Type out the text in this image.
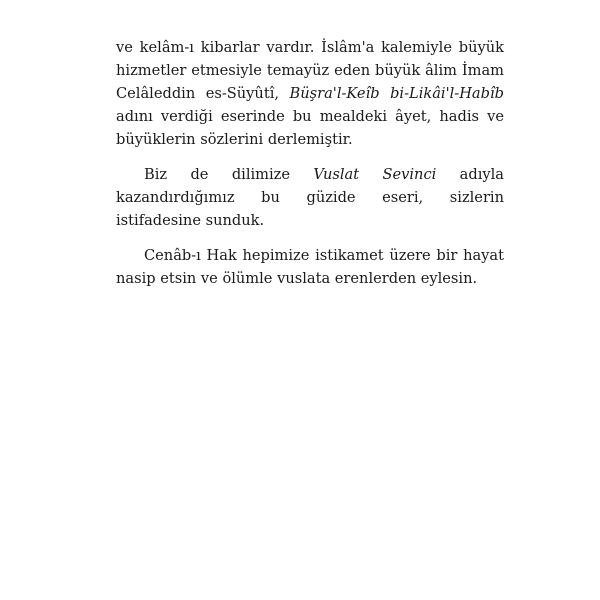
ve kelâm-ı kibarlar vardır. İslâm'a kalemiyle büyük hizmetler etmesiyle temayüz eden büyük âlim İmam Celâleddin es-Süyûtî, Büşra'l-Keîb bi-Likâi'l-Habîb adını verdiği eserinde bu mealdeki âyet, hadis ve büyüklerin sözlerini derlemiştir.

Biz de dilimize Vuslat Sevinci adıyla kazandırdığımız bu güzide eseri, sizlerin istifadesine sunduk.

Cenâb-ı Hak hepimize istikamet üzere bir hayat nasip etsin ve ölümle vuslata erenlerden eylesin.
